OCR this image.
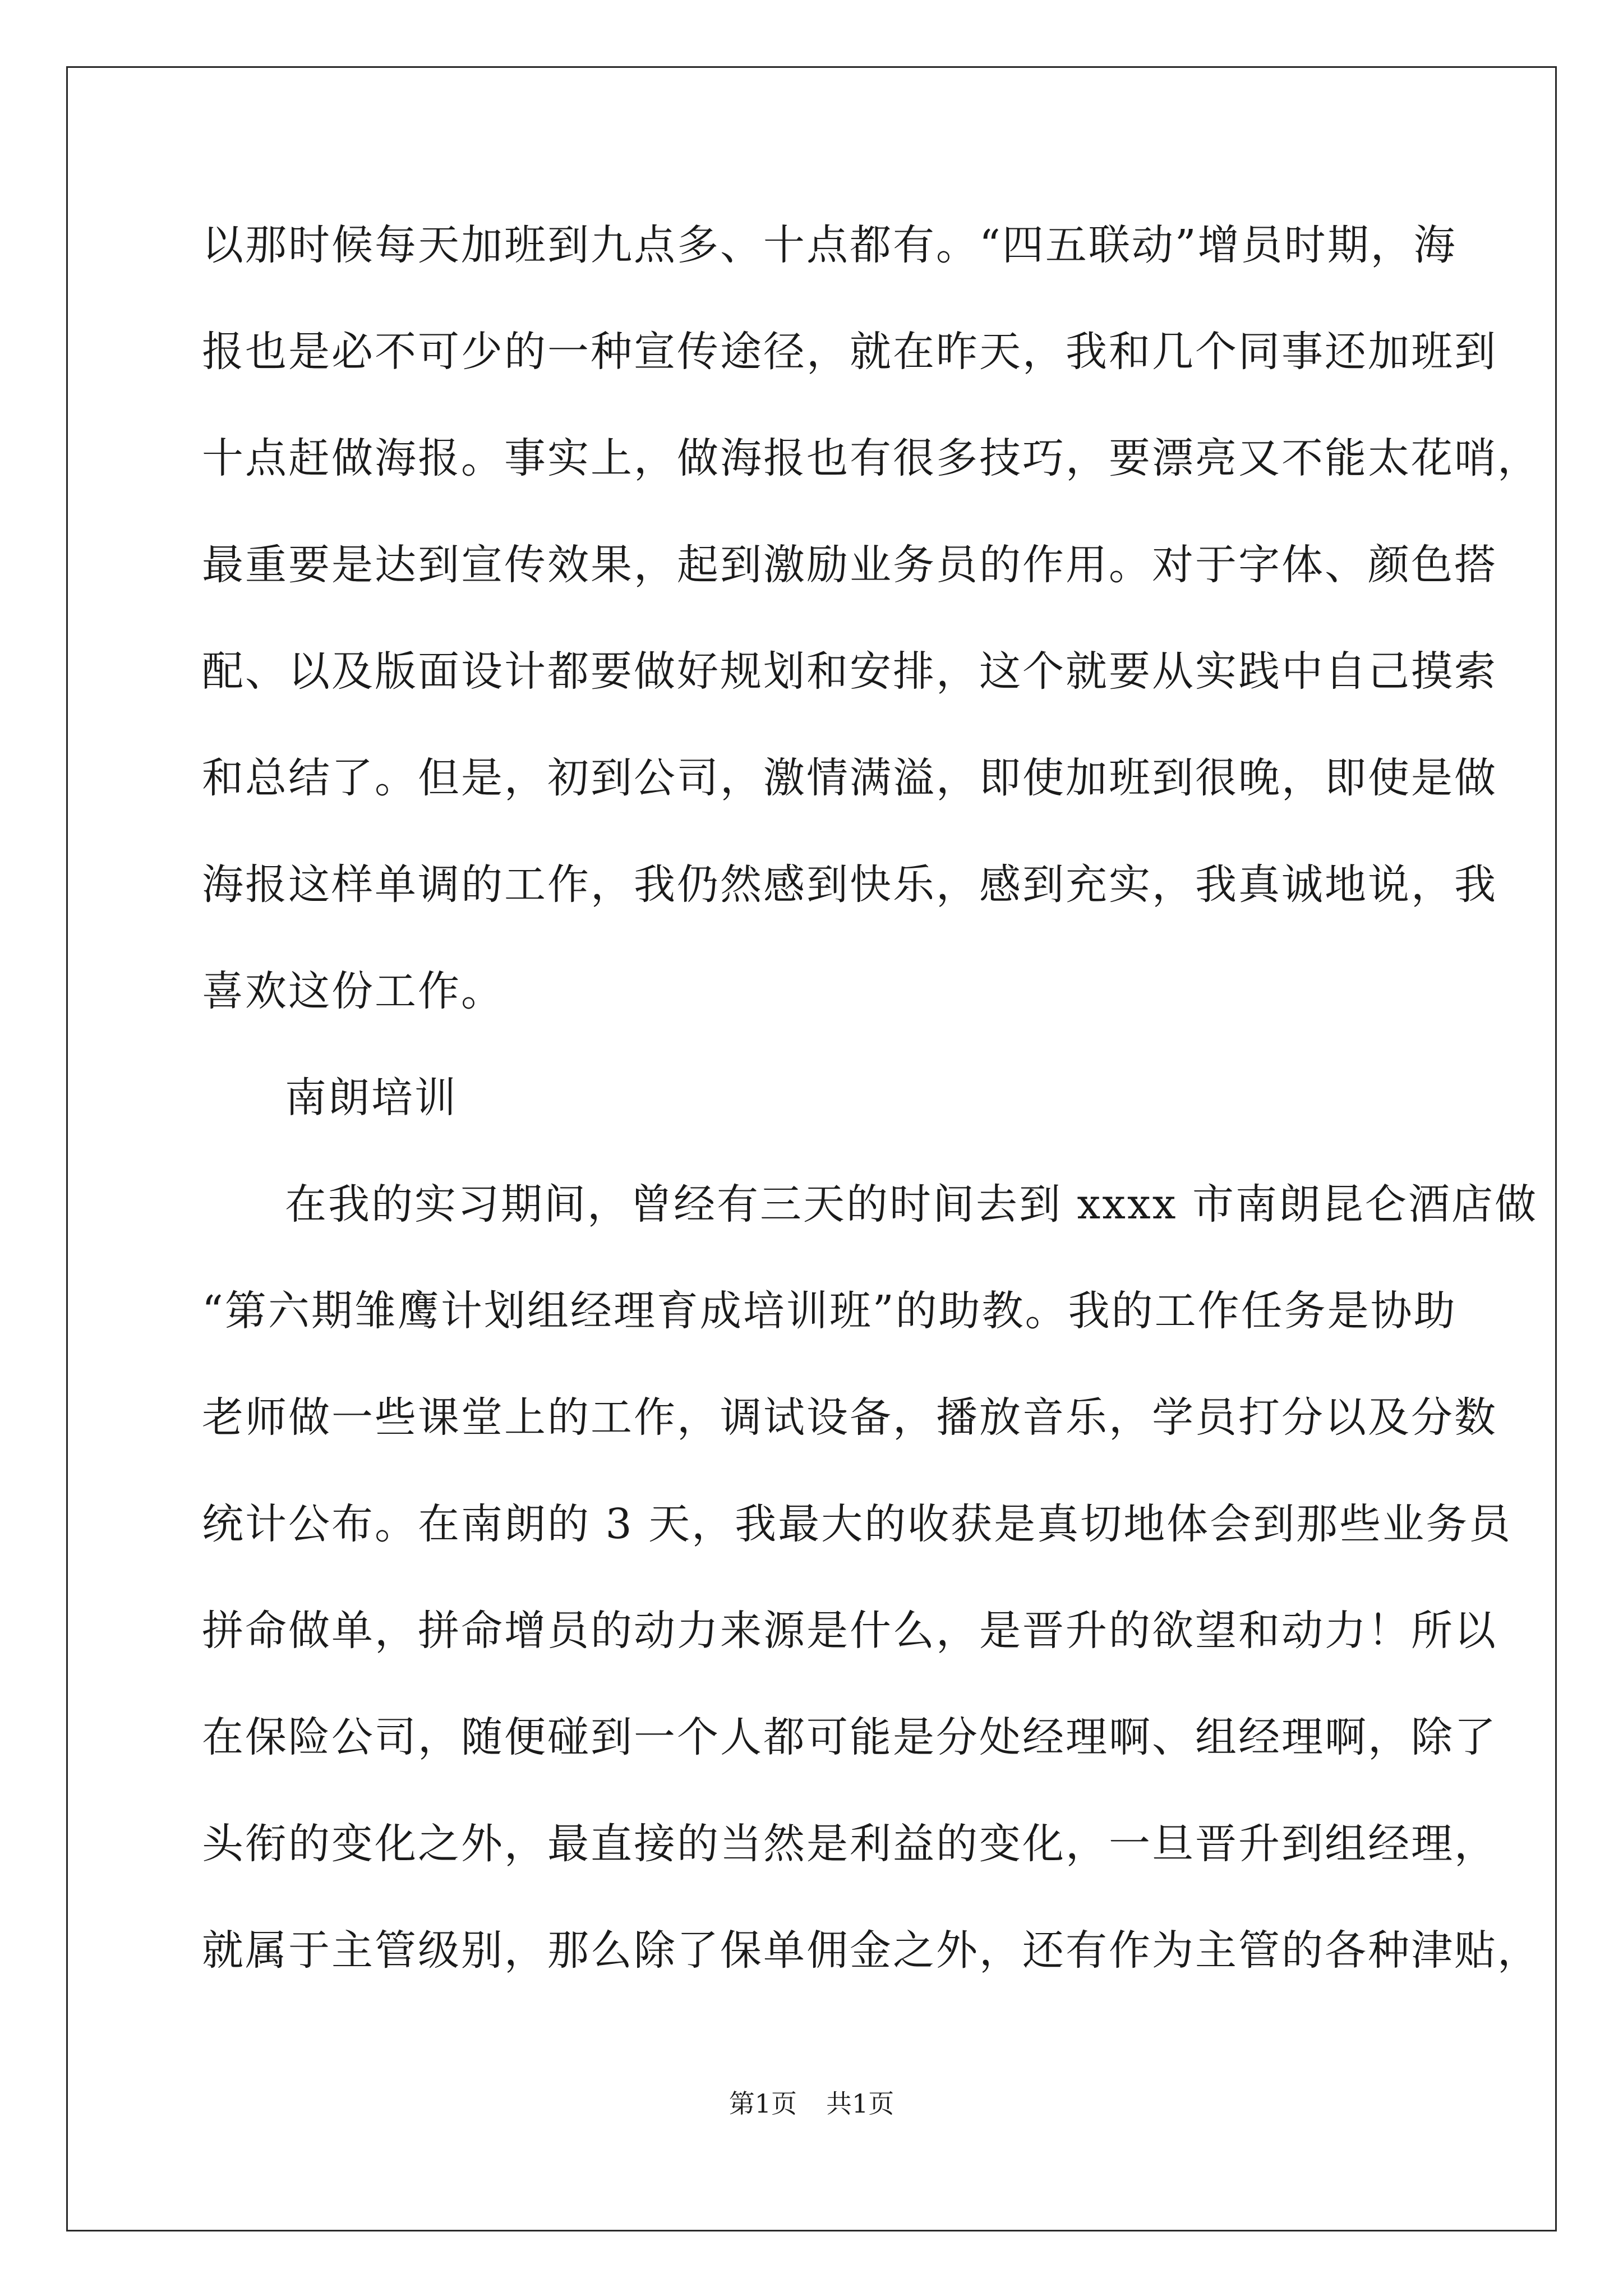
以那时候每天加班到九点多、十点都有。“四五联动”增员时期，海
报也是必不可少的一种宣传途径，就在昨天，我和几个同事还加班到
十点赶做海报。事实上，做海报也有很多技巧，要漂亮又不能太花哨，
最重要是达到宣传效果，起到激励业务员的作用。对于字体、颜色搭
配、以及版面设计都要做好规划和安排，这个就要从实践中自己摸索
和总结了。但是，初到公司，激情满溢，即使加班到很晚，即使是做
海报这样单调的工作，我仍然感到快乐，感到充实，我真诚地说，我
喜欢这份工作。
南朗培训
在我的实习期间，曾经有三天的时间去到 xxxx 市南朗昆仑酒店做
“第六期雏鹰计划组经理育成培训班”的助教。我的工作任务是协助
老师做一些课堂上的工作，调试设备，播放音乐，学员打分以及分数
统计公布。在南朗的 3 天，我最大的收获是真切地体会到那些业务员
拼命做单，拼命增员的动力来源是什么，是晋升的欲望和动力！所以
在保险公司，随便碰到一个人都可能是分处经理啊、组经理啊，除了
头衔的变化之外，最直接的当然是利益的变化，一旦晋升到组经理，
就属于主管级别，那么除了保单佣金之外，还有作为主管的各种津贴，
第1页 共1页
